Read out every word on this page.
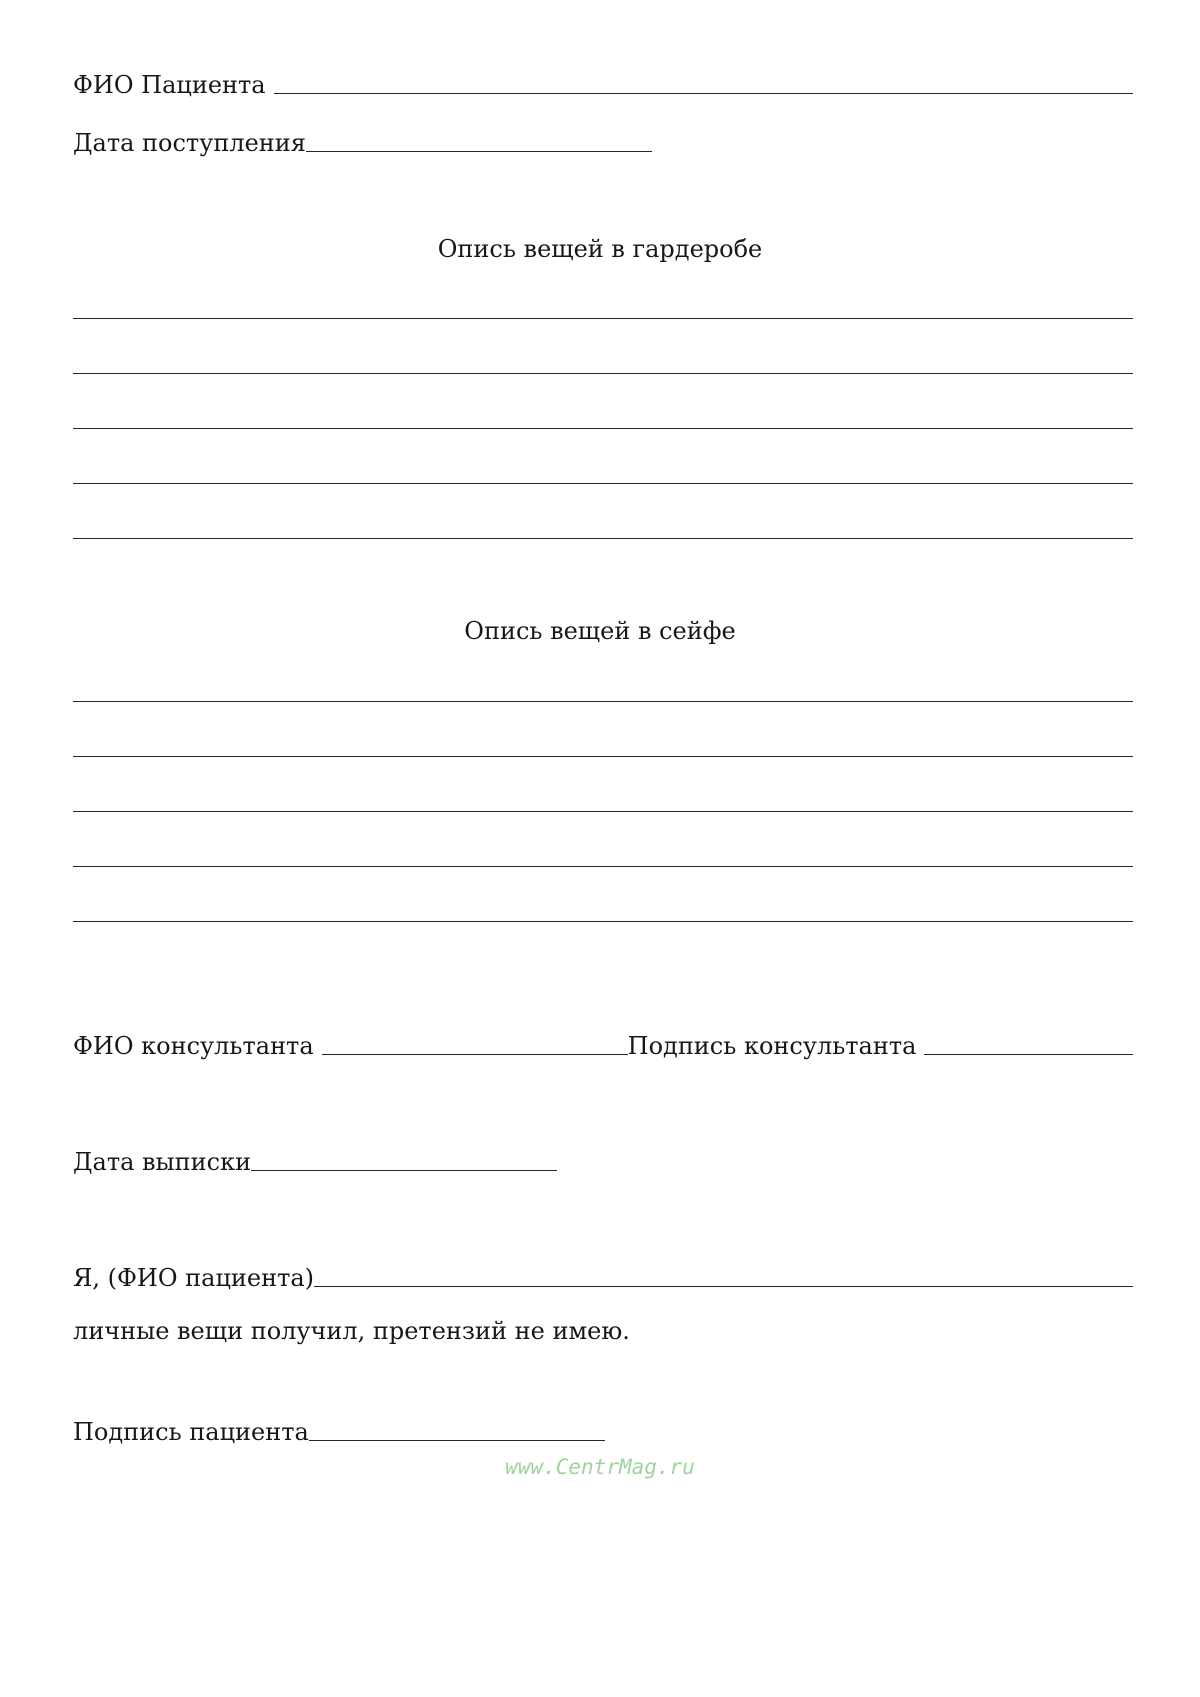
ФИО Пациента
Дата поступления
Опись вещей в гардеробе
Опись вещей в сейфе
ФИО консультанта	Подпись консультанта
Дата выписки
Я, (ФИО пациента)
личные вещи получил, претензий не имею.
Подпись пациента
www.CentrMag.ru
